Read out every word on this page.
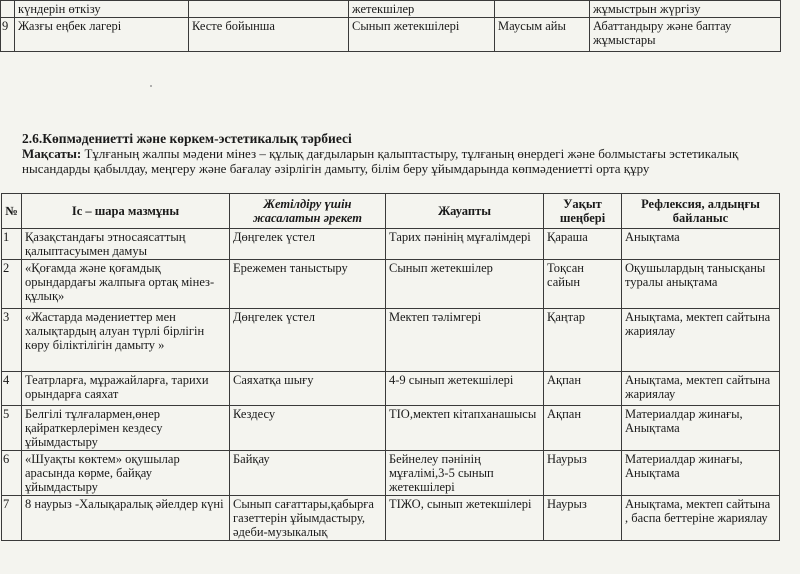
	күндерін өткізу		жетекшілер		жұмыстрын жүргізу
9	Жазғы еңбек лагері	Кесте бойынша	Сынып жетекшілері	Маусым айы	Абаттандыру және баптау жұмыстары
2.6.Көпмәдениетті және көркем-эстетикалық тәрбиесі
Мақсаты: Тұлғаның жалпы мәдени мінез – құлық дағдыларын қалыптастыру, тұлғаның өнердегі және болмыстағы эстетикалық нысандарды қабылдау, меңгеру және бағалау әзірлігін дамыту, білім беру ұйымдарында көпмәдениетті орта құру
№	Іс – шара мазмұны	Жетілдіру үшін жасалатын әрекет	Жауапты	Уақыт шеңбері	Рефлексия, алдыңғы байланыс
1	Қазақстандағы этносаясаттың қалыптасуымен дамуы	Дөңгелек үстел	Тарих пәнінің мұғалімдері	Қараша	Анықтама
2	«Қоғамда және қоғамдық орындардағы жалпыға ортақ мінез-құлық»	Ережемен таныстыру	Сынып жетекшілер	Тоқсан сайын	Оқушылардың танысқаны туралы анықтама
3	«Жастарда мәдениеттер мен халықтардың алуан түрлі бірлігін көру біліктілігін дамыту »	Дөңгелек үстел	Мектеп тәлімгері	Қаңтар	Анықтама, мектеп сайтына жариялау
4	Театрларға, мұражайларға, тарихи орындарға саяхат	Саяхатқа шығу	4-9 сынып жетекшілері	Ақпан	Анықтама, мектеп сайтына жариялау
5	Белгілі тұлғалармен,өнер қайраткерлерімен кездесу ұйымдастыру	Кездесу	ТІО,мектеп кітапханашысы	Ақпан	Материалдар жинағы, Анықтама
6	«Шуақты көктем» оқушылар арасында көрме, байқау ұйымдастыру	Байқау	Бейнелеу пәнінің мұғалімі,3-5 сынып жетекшілері	Наурыз	Материалдар жинағы, Анықтама
7	8 наурыз -Халықаралық әйелдер күні	Сынып сағаттары,қабырға газеттерін ұйымдастыру, әдеби-музыкалық	ТІЖО, сынып жетекшілері	Наурыз	Анықтама, мектеп сайтына , баспа беттеріне жариялау
